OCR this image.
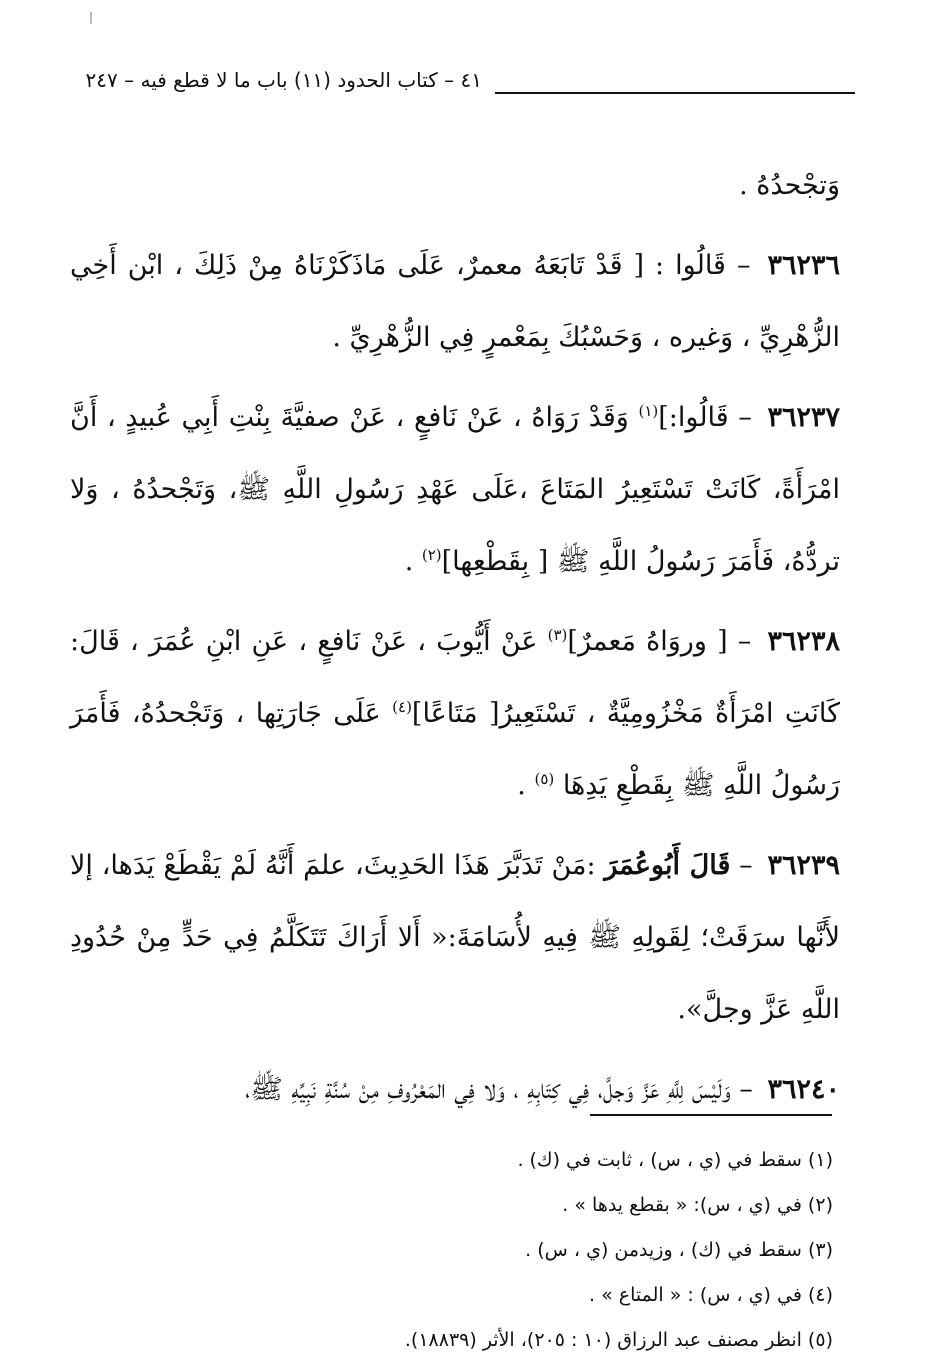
٤١ – كتاب الحدود (١١) باب ما لا قطع فيه – ٢٤٧

وَتجْحدُهُ .

٣٦٢٣٦ – قَالُوا : [ قَدْ تَابَعَهُ معمرٌ، عَلَى مَاذَكَرْنَاهُ مِنْ ذَلِكَ ، ابْن أَخِي الزُّهْرِيِّ ، وَغيره ، وَحَسْبُكَ بِمَعْمرٍ فِي الزُّهْرِيِّ .

٣٦٢٣٧ – قَالُوا:]$^{(١)}$ وَقَدْ رَوَاهُ ، عَنْ نَافعٍ ، عَنْ صفيَّةَ بِنْتِ أَبِي عُبيدٍ ، أَنَّ امْرَأَةً، كَانَتْ تَسْتَعِيرُ المَتَاعَ ،عَلَى عَهْدِ رَسُولِ اللَّهِ ﷺ، وَتَجْحدُهُ ، وَلا تردُّهُ، فَأَمَرَ رَسُولُ اللَّهِ ﷺ [ بِقَطْعِها]$^{(٢)}$ .

٣٦٢٣٨ – [ وروَاهُ مَعمرٌ]$^{(٣)}$ عَنْ أَيُّوبَ ، عَنْ نَافعٍ ، عَنِ ابْنِ عُمَرَ ، قَالَ: كَانَتِ امْرَأَةٌ مَخْزُومِيَّةٌ ، تَسْتَعِيرُ[ مَتَاعًا]$^{(٤)}$ عَلَى جَارَتِها ، وَتَجْحدُهُ، فَأَمَرَ رَسُولُ اللَّهِ ﷺ بِقَطْعِ يَدِهَا $^{(٥)}$ .

٣٦٢٣٩ – قَالَ أَبُوعُمَرَ :مَنْ تَدَبَّرَ هَذَا الحَدِيثَ، علمَ أَنَّهُ لَمْ يَقْطَعْ يَدَها، إلا لأَنَّها سرَقَتْ؛ لِقَولِهِ ﷺ فِيهِ لأُسَامَةَ:« أَلا أَرَاكَ تَتَكَلَّمُ فِي حَدٍّ مِنْ حُدُودِ اللَّهِ عَزَّ وجلَّ».

٣٦٢٤٠ – وَلَيْسَ لِلَّهِ عَزَّ وَجلَّ، فِي كِتَابِهِ ، وَلا فِي المَعْرُوفِ مِنْ سُنَّةِ نَبِيِّهِ ﷺ،

(١) سقط في (ي ، س) ، ثابت في (ك) .
(٢) في (ي ، س): « بقطع يدها » .
(٣) سقط في (ك) ، وزيدمن (ي ، س) .
(٤) في (ي ، س) : « المتاع » .
(٥) انظر مصنف عبد الرزاق (١٠ : ٢٠٥)، الأثر (١٨٨٣٩).
